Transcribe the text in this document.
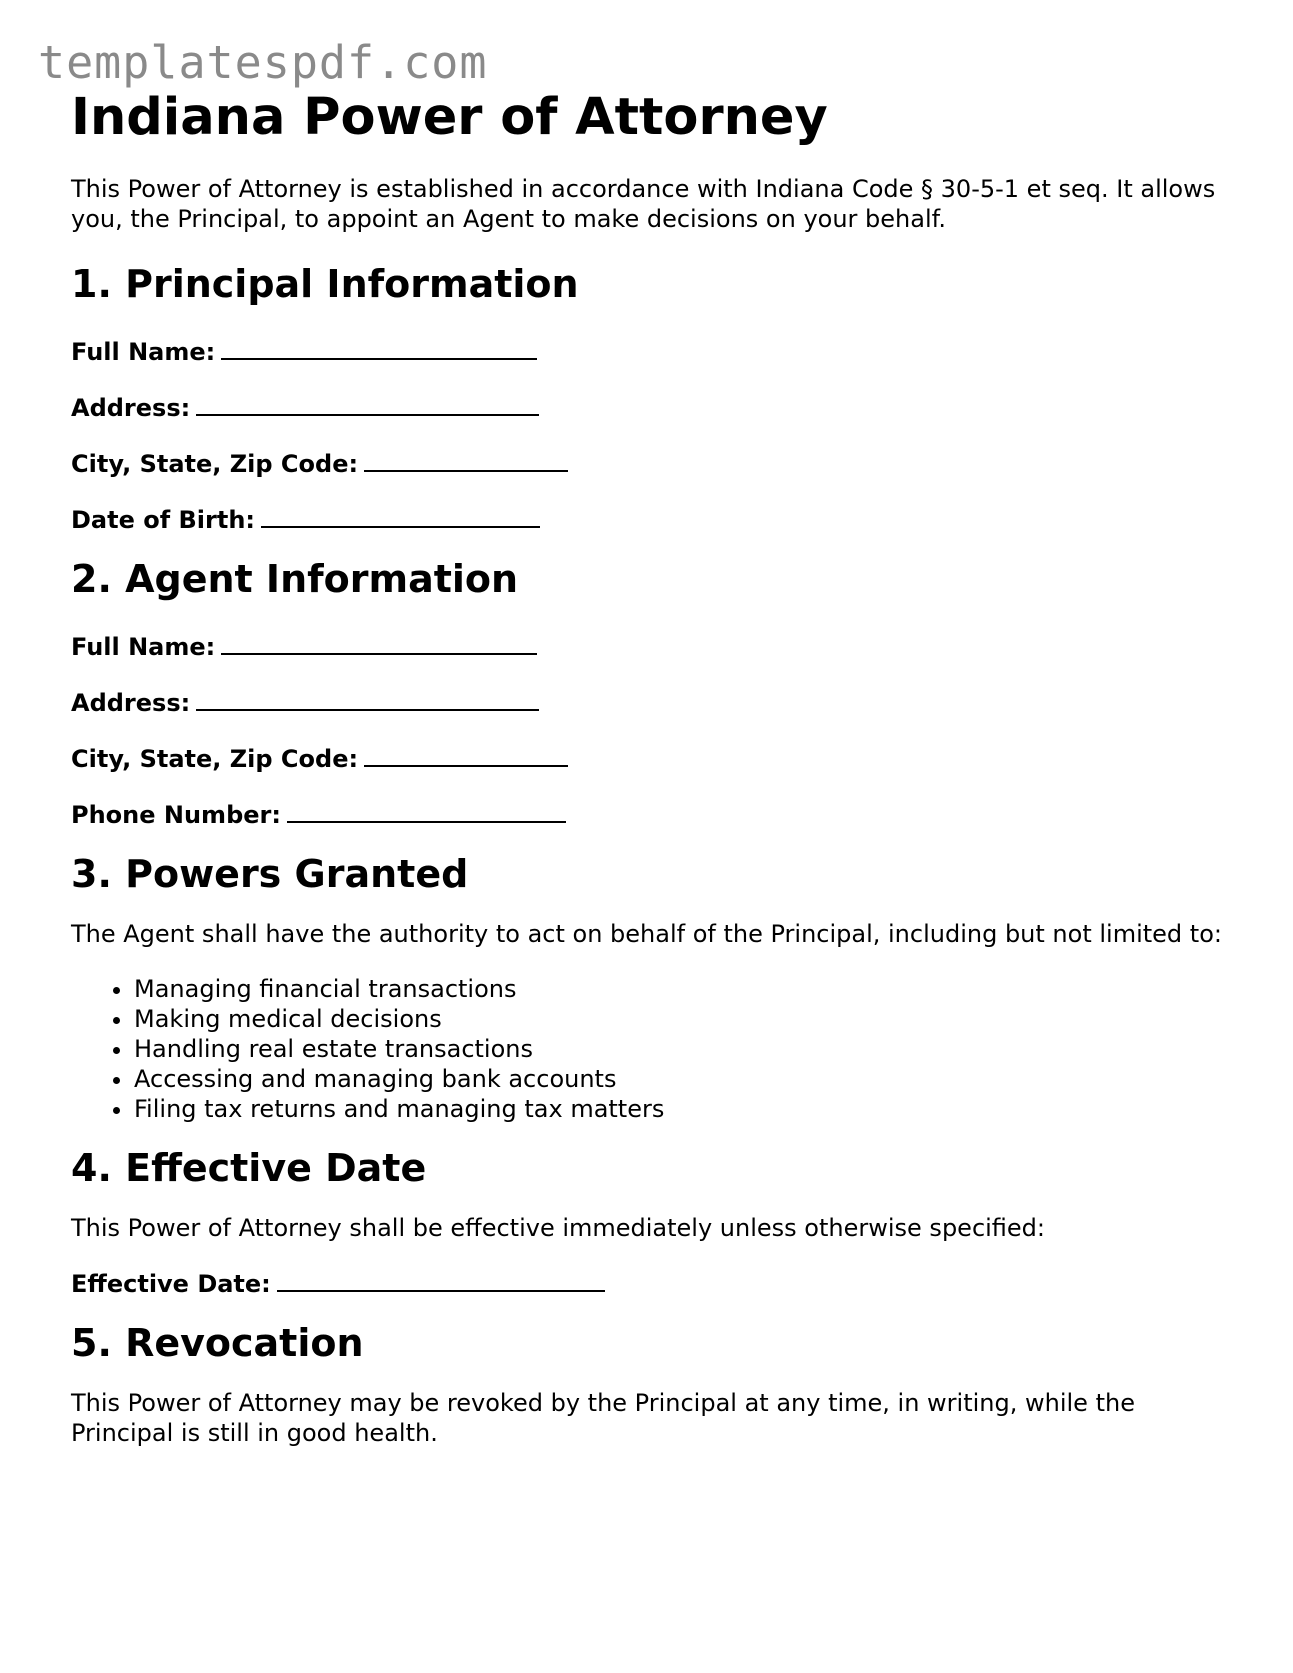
templatespdf.com
Indiana Power of Attorney

This Power of Attorney is established in accordance with Indiana Code § 30-5-1 et seq. It allows you, the Principal, to appoint an Agent to make decisions on your behalf.

1. Principal Information
Full Name:
Address:
City, State, Zip Code:
Date of Birth:
2. Agent Information
Full Name:
Address:
City, State, Zip Code:
Phone Number:
3. Powers Granted

The Agent shall have the authority to act on behalf of the Principal, including but not limited to:

• Managing financial transactions
• Making medical decisions
• Handling real estate transactions
• Accessing and managing bank accounts
• Filing tax returns and managing tax matters
4. Effective Date

This Power of Attorney shall be effective immediately unless otherwise specified:

Effective Date:
5. Revocation

This Power of Attorney may be revoked by the Principal at any time, in writing, while the Principal is still in good health.
